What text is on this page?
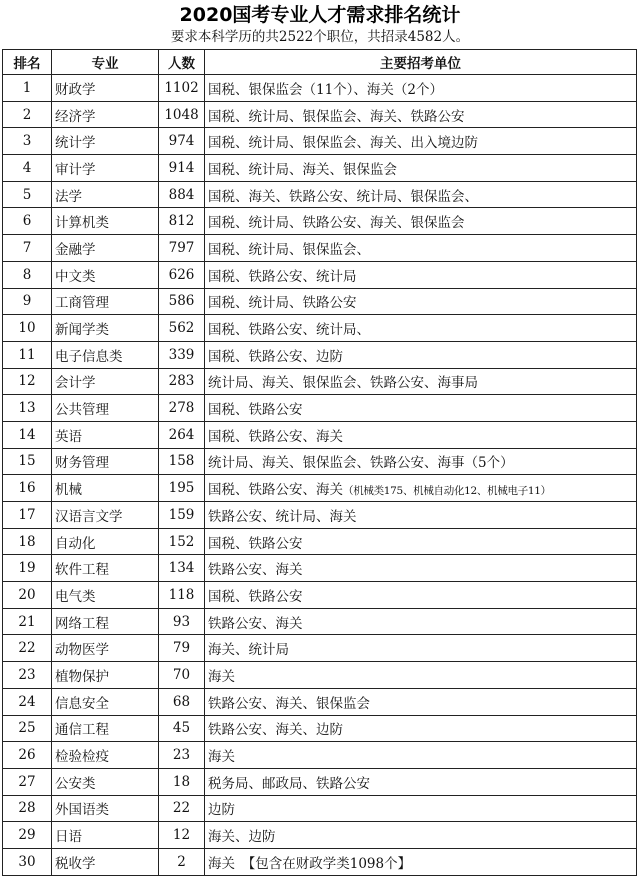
2020国考专业人才需求排名统计
要求本科学历的共2522个职位，共招录4582人。
排名	专业	人数	主要招考单位
1	财政学	1102	国税、银保监会（11个）、海关（2个）
2	经济学	1048	国税、统计局、银保监会、海关、铁路公安
3	统计学	974	国税、统计局、银保监会、海关、出入境边防
4	审计学	914	国税、统计局、海关、银保监会
5	法学	884	国税、海关、铁路公安、统计局、银保监会、
6	计算机类	812	国税、统计局、铁路公安、海关、银保监会
7	金融学	797	国税、统计局、银保监会、
8	中文类	626	国税、铁路公安、统计局
9	工商管理	586	国税、统计局、铁路公安
10	新闻学类	562	国税、铁路公安、统计局、
11	电子信息类	339	国税、铁路公安、边防
12	会计学	283	统计局、海关、银保监会、铁路公安、海事局
13	公共管理	278	国税、铁路公安
14	英语	264	国税、铁路公安、海关
15	财务管理	158	统计局、海关、银保监会、铁路公安、海事（5个）
16	机械	195	国税、铁路公安、海关（机械类175、机械自动化12、机械电子11）
17	汉语言文学	159	铁路公安、统计局、海关
18	自动化	152	国税、铁路公安
19	软件工程	134	铁路公安、海关
20	电气类	118	国税、铁路公安
21	网络工程	93	铁路公安、海关
22	动物医学	79	海关、统计局
23	植物保护	70	海关
24	信息安全	68	铁路公安、海关、银保监会
25	通信工程	45	铁路公安、海关、边防
26	检验检疫	23	海关
27	公安类	18	税务局、邮政局、铁路公安
28	外国语类	22	边防
29	日语	12	海关、边防
30	税收学	2	海关　【包含在财政学类1098个】
